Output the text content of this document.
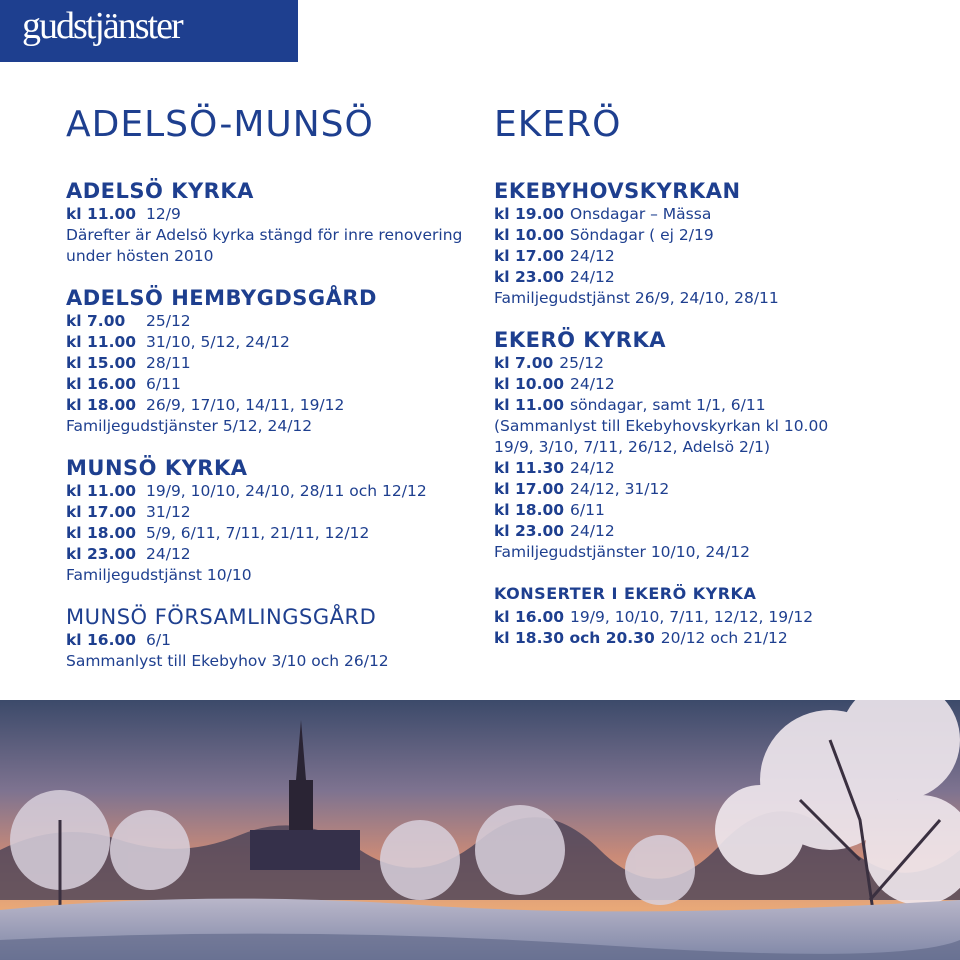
gudstjänster
ADELSÖ-MUNSÖ
ADELSÖ KYRKA
kl 11.00 12/9
Därefter är Adelsö kyrka stängd för inre renovering under hösten 2010
ADELSÖ HEMBYGDSGÅRD
kl 7.00 25/12
kl 11.00 31/10, 5/12, 24/12
kl 15.00 28/11
kl 16.00 6/11
kl 18.00 26/9, 17/10, 14/11, 19/12
Familjegudstjänster 5/12, 24/12
MUNSÖ KYRKA
kl 11.00 19/9, 10/10, 24/10, 28/11 och 12/12
kl 17.00 31/12
kl 18.00 5/9, 6/11, 7/11, 21/11, 12/12
kl 23.00 24/12
Familjegudstjänst 10/10
MUNSÖ FÖRSAMLINGSGÅRD
kl 16.00 6/1
Sammanlyst till Ekebyhov 3/10 och 26/12
EKERÖ
EKEBYHOVSKYRKAN
kl 19.00 Onsdagar – Mässa
kl 10.00 Söndagar ( ej 2/19
kl 17.00 24/12
kl 23.00 24/12
Familjegudstjänst 26/9, 24/10, 28/11
EKERÖ KYRKA
kl 7.00 25/12
kl 10.00 24/12
kl 11.00 söndagar, samt 1/1, 6/11
(Sammanlyst till Ekebyhovskyrkan kl 10.00
19/9, 3/10, 7/11, 26/12, Adelsö 2/1)
kl 11.30 24/12
kl 17.00 24/12, 31/12
kl 18.00 6/11
kl 23.00 24/12
Familjegudstjänster 10/10, 24/12
KONSERTER I EKERÖ KYRKA
kl 16.00 19/9, 10/10, 7/11, 12/12, 19/12
kl 18.30 och 20.30 20/12 och 21/12
